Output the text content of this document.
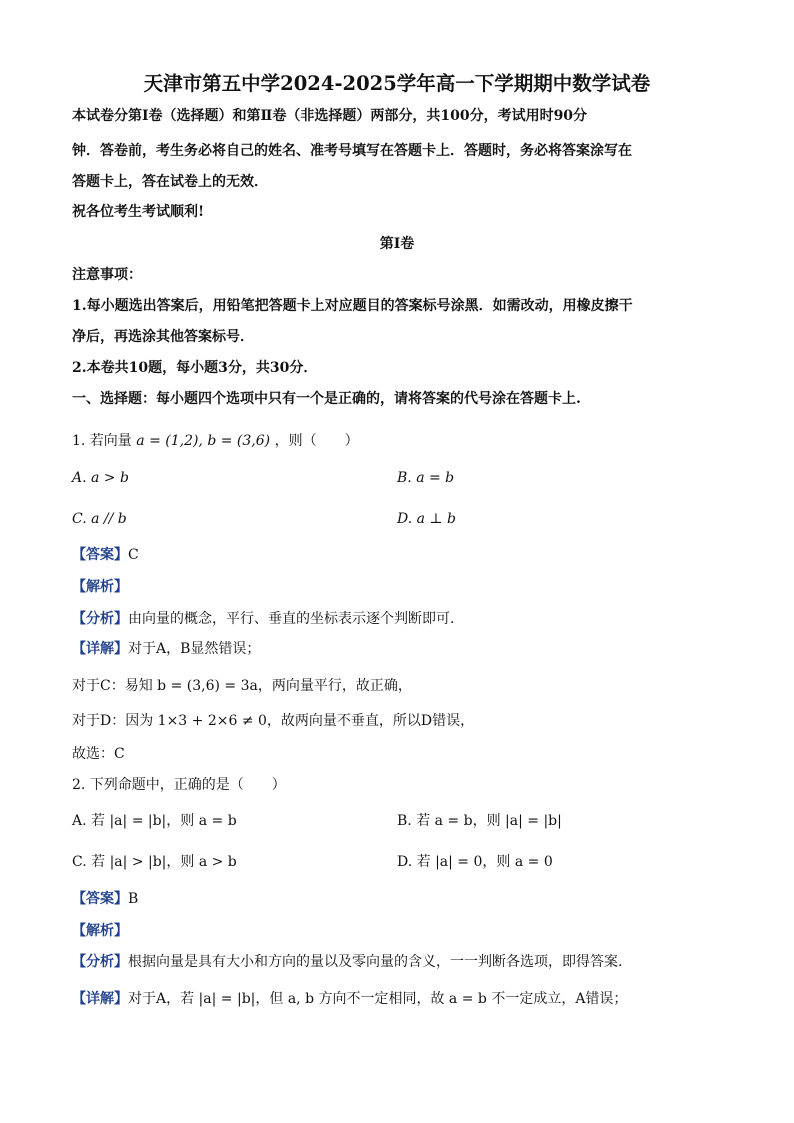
天津市第五中学2024-2025学年高一下学期期中数学试卷
本试卷分第Ⅰ卷（选择题）和第Ⅱ卷（非选择题）两部分，共100分，考试用时90分
钟．答卷前，考生务必将自己的姓名、准考号填写在答题卡上．答题时，务必将答案涂写在
答题卡上，答在试卷上的无效．
祝各位考生考试顺利!
第Ⅰ卷
注意事项：
1.每小题选出答案后，用铅笔把答题卡上对应题目的答案标号涂黑．如需改动，用橡皮擦干
净后，再选涂其他答案标号．
2.本卷共10题，每小题3分，共30分．
一、选择题：每小题四个选项中只有一个是正确的，请将答案的代号涂在答题卡上.
1. 若向量 a = (1,2), b = (3,6) ，则（　　）
A. a > b	B. a = b
C. a // b	D. a ⊥ b
【答案】C
【解析】
【分析】由向量的概念，平行、垂直的坐标表示逐个判断即可.
【详解】对于A，B显然错误；
对于C：易知 b = (3,6) = 3a，两向量平行，故正确，
对于D：因为 1×3 + 2×6 ≠ 0，故两向量不垂直，所以D错误，
故选：C
2. 下列命题中，正确的是（　　）
A. 若 |a| = |b|，则 a = b	B. 若 a = b，则 |a| = |b|
C. 若 |a| > |b|，则 a > b	D. 若 |a| = 0，则 a = 0
【答案】B
【解析】
【分析】根据向量是具有大小和方向的量以及零向量的含义，一一判断各选项，即得答案.
【详解】对于A，若 |a| = |b|，但 a, b 方向不一定相同，故 a = b 不一定成立，A错误；
